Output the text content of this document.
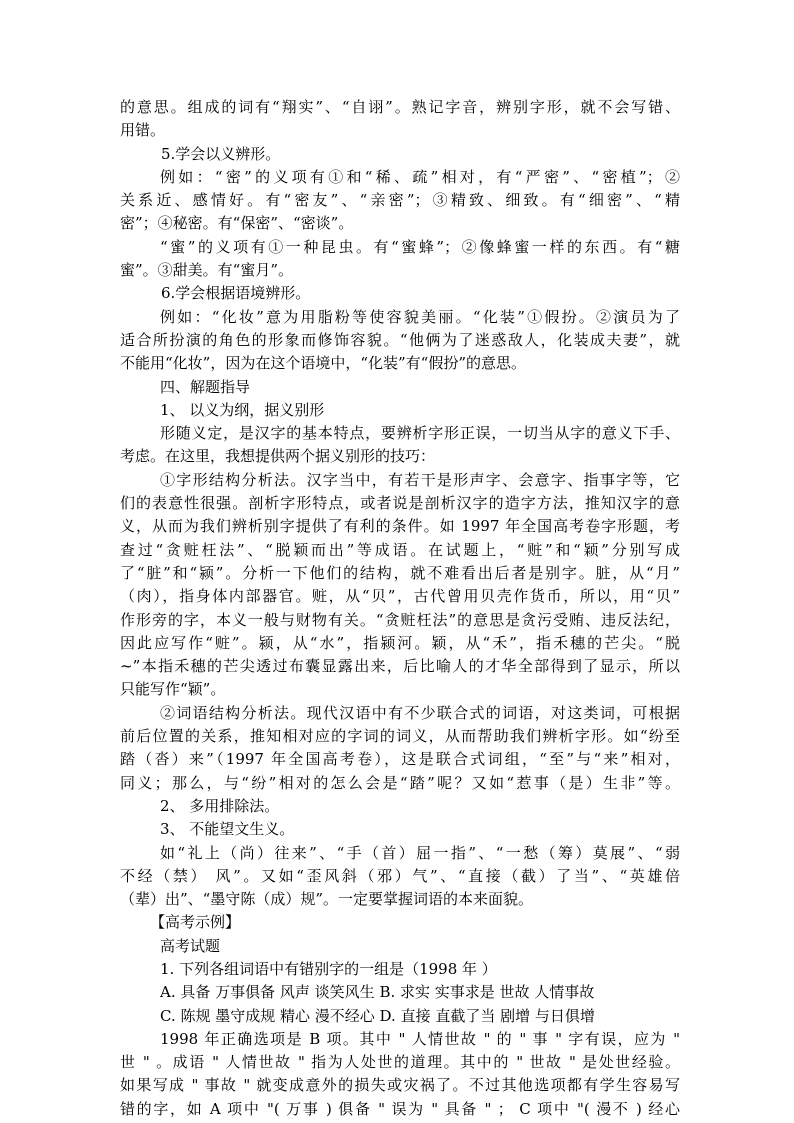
的意思。组成的词有“翔实”、“自诩”。熟记字音，辨别字形，就不会写错、

用错。

5.学会以义辨形。

例如：“密”的义项有①和“稀、疏”相对，有“严密”、“密植”；②

关系近、感情好。有“密友”、“亲密”；③精致、细致。有“细密”、“精

密”；④秘密。有“保密”、“密谈”。

“蜜”的义项有①一种昆虫。有“蜜蜂”；②像蜂蜜一样的东西。有“糖

蜜”。③甜美。有“蜜月”。

6.学会根据语境辨形。

例如：“化妆”意为用脂粉等使容貌美丽。“化装”①假扮。②演员为了

适合所扮演的角色的形象而修饰容貌。“他俩为了迷惑敌人，化装成夫妻”，就

不能用“化妆”，因为在这个语境中，“化装”有“假扮”的意思。

四、解题指导

1、 以义为纲，据义别形

形随义定，是汉字的基本特点，要辨析字形正误，一切当从字的意义下手、

考虑。在这里，我想提供两个据义别形的技巧：

①字形结构分析法。汉字当中，有若干是形声字、会意字、指事字等，它

们的表意性很强。剖析字形特点，或者说是剖析汉字的造字方法，推知汉字的意

义，从而为我们辨析别字提供了有利的条件。如 1997 年全国高考卷字形题，考

查过“贪赃枉法”、“脱颖而出”等成语。在试题上，“赃”和“颖”分别写成

了“脏”和“颍”。分析一下他们的结构，就不难看出后者是别字。脏，从“月”

（肉），指身体内部器官。赃，从“贝”，古代曾用贝壳作货币，所以，用“贝”

作形旁的字，本义一般与财物有关。“贪赃枉法”的意思是贪污受贿、违反法纪，

因此应写作“赃”。颍，从“水”，指颍河。颖，从“禾”，指禾穗的芒尖。“脱

~”本指禾穗的芒尖透过布囊显露出来，后比喻人的才华全部得到了显示，所以

只能写作“颖”。

②词语结构分析法。现代汉语中有不少联合式的词语，对这类词，可根据

前后位置的关系，推知相对应的字词的词义，从而帮助我们辨析字形。如“纷至

踏（沓）来”（1997 年全国高考卷），这是联合式词组，“至”与“来”相对，

同义；那么，与“纷”相对的怎么会是“踏”呢？又如“惹事（是）生非”等。

2、 多用排除法。

3、 不能望文生义。

如“礼上（尚）往来”、“手（首）屈一指”、“一愁（筹）莫展”、“弱

不经（禁） 风”。又如“歪风斜（邪）气”、“直接（截）了当”、“英雄倍

（辈）出”、“墨守陈（成）规”。一定要掌握词语的本来面貌。

【高考示例】

高考试题

1. 下列各组词语中有错别字的一组是（1998 年 ）

A. 具备 万事俱备 风声 谈笑风生 B. 求实 实事求是 世故 人情事故

C. 陈规 墨守成规 精心 漫不经心 D. 直接 直截了当 剧增 与日俱增

1998 年正确选项是 B 项。其中 " 人情世故 " 的 " 事 " 字有误，应为 "

世 " 。成语 " 人情世故 " 指为人处世的道理。其中的 " 世故 " 是处世经验。

如果写成 " 事故 " 就变成意外的损失或灾祸了。不过其他选项都有学生容易写

错的字，如 A 项中 "( 万事 ) 俱备 " 误为 " 具备 " ； C 项中 "( 漫不 ) 经心
